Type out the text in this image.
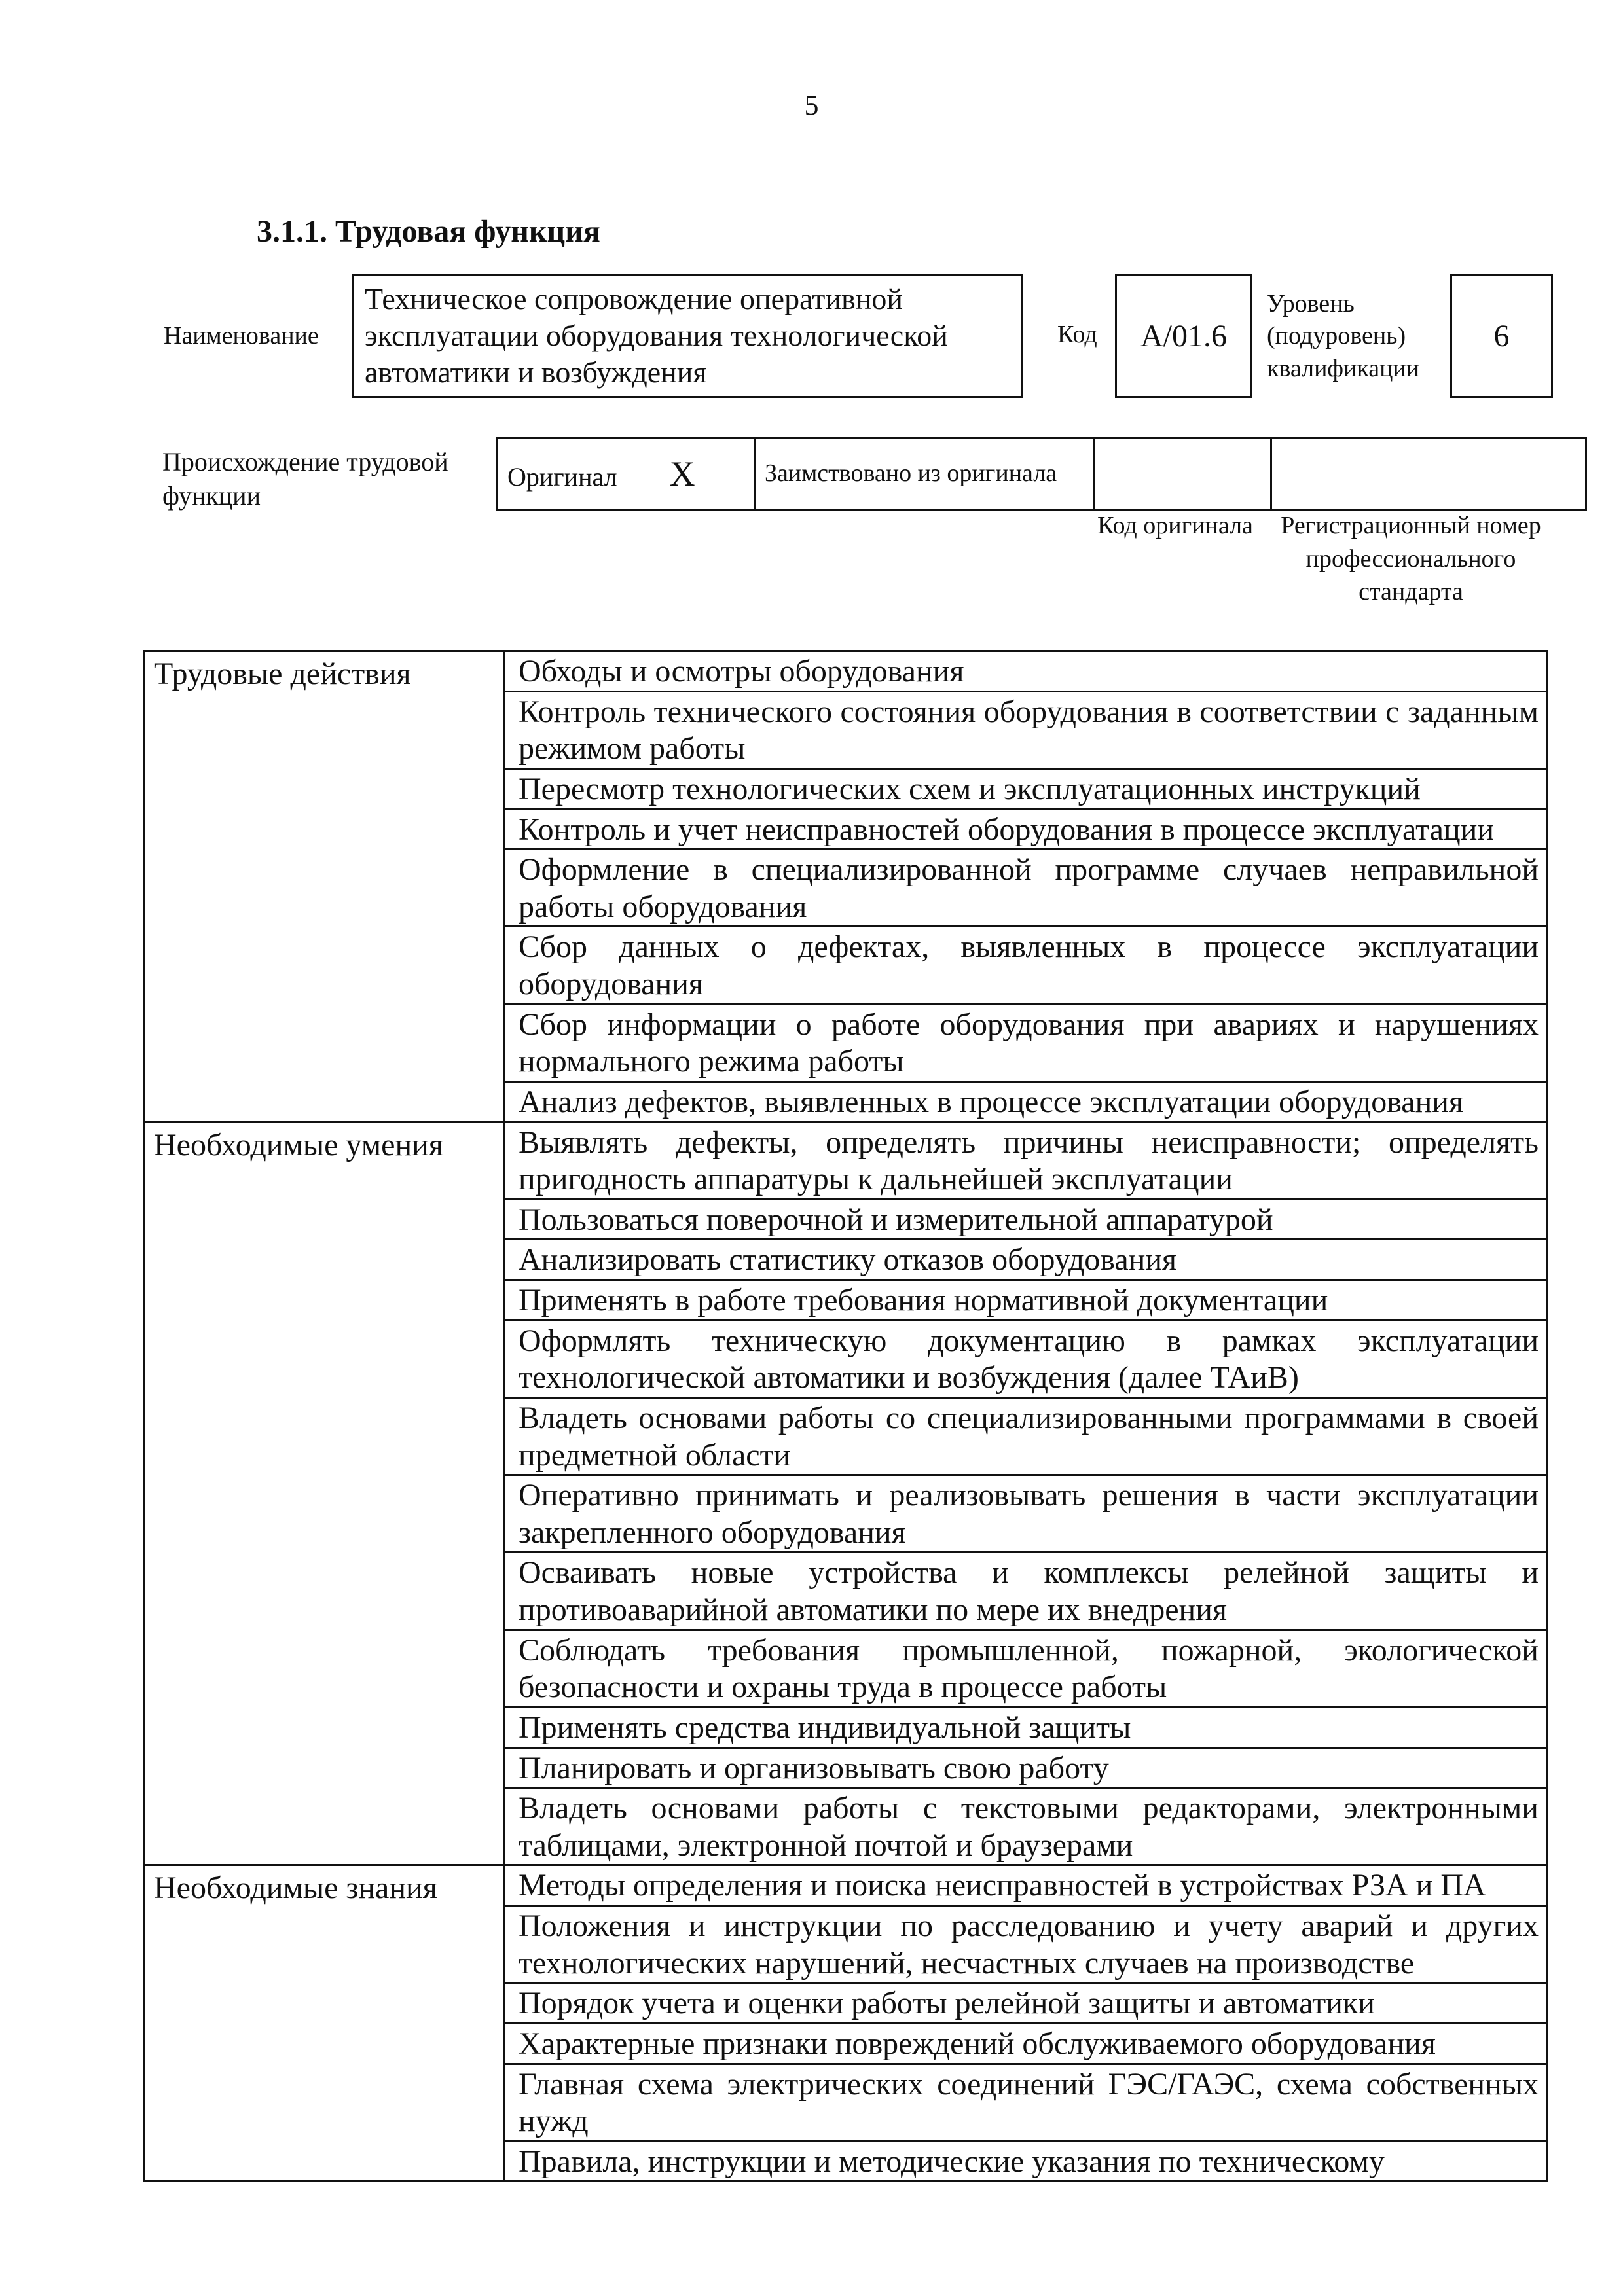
5
3.1.1. Трудовая функция
Наименование
Техническое сопровождение оперативной эксплуатации оборудования технологической автоматики и возбуждения
Код	А/01.6
Уровень (подуровень) квалификации
6
Происхождение трудовой функции
Оригинал X	Заимствовано из оригинала		
Код оригинала	Регистрационный номер профессионального стандарта
Трудовые действия	Обходы и осмотры оборудования
	Контроль технического состояния оборудования в соответствии с заданным режимом работы
	Пересмотр технологических схем и эксплуатационных инструкций
	Контроль и учет неисправностей оборудования в процессе эксплуатации
	Оформление в специализированной программе случаев неправильной работы оборудования
	Сбор данных о дефектах, выявленных в процессе эксплуатации оборудования
	Сбор информации о работе оборудования при авариях и нарушениях нормального режима работы
	Анализ дефектов, выявленных в процессе эксплуатации оборудования
Необходимые умения	Выявлять дефекты, определять причины неисправности; определять пригодность аппаратуры к дальнейшей эксплуатации
	Пользоваться поверочной и измерительной аппаратурой
	Анализировать статистику отказов оборудования
	Применять в работе требования нормативной документации
	Оформлять техническую документацию в рамках эксплуатации технологической автоматики и возбуждения (далее ТАиВ)
	Владеть основами работы со специализированными программами в своей предметной области
	Оперативно принимать и реализовывать решения в части эксплуатации закрепленного оборудования
	Осваивать новые устройства и комплексы релейной защиты и противоаварийной автоматики по мере их внедрения
	Соблюдать требования промышленной, пожарной, экологической безопасности и охраны труда в процессе работы
	Применять средства индивидуальной защиты
	Планировать и организовывать свою работу
	Владеть основами работы с текстовыми редакторами, электронными таблицами, электронной почтой и браузерами
Необходимые знания	Методы определения и поиска неисправностей в устройствах РЗА и ПА
	Положения и инструкции по расследованию и учету аварий и других технологических нарушений, несчастных случаев на производстве
	Порядок учета и оценки работы релейной защиты и автоматики
	Характерные признаки повреждений обслуживаемого оборудования
	Главная схема электрических соединений ГЭС/ГАЭС, схема собственных нужд
	Правила, инструкции и методические указания по техническому
